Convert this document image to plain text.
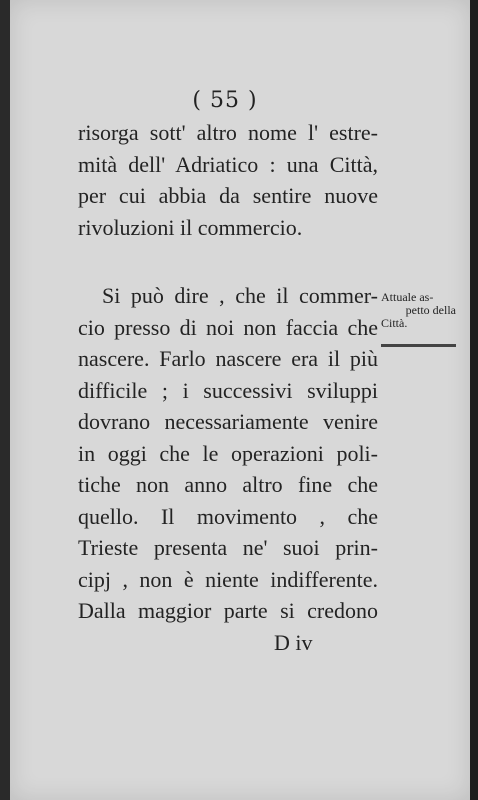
( 55 )
risorga sott' altro nome l' estre-
mità dell' Adriatico : una Città,
per cui abbia da sentire nuove
rivoluzioni il commercio.
Si può dire , che il commer-
cio presso di noi non faccia che
nascere. Farlo nascere era il più
difficile ; i successivi sviluppi
dovrano necessariamente venire
in oggi che le operazioni poli-
tiche non anno altro fine che
quello. Il movimento , che
Trieste presenta ne' suoi prin-
cipj , non è niente indifferente.
Dalla maggior parte si credono
Attuale as-
petto della
Città.
D iv
